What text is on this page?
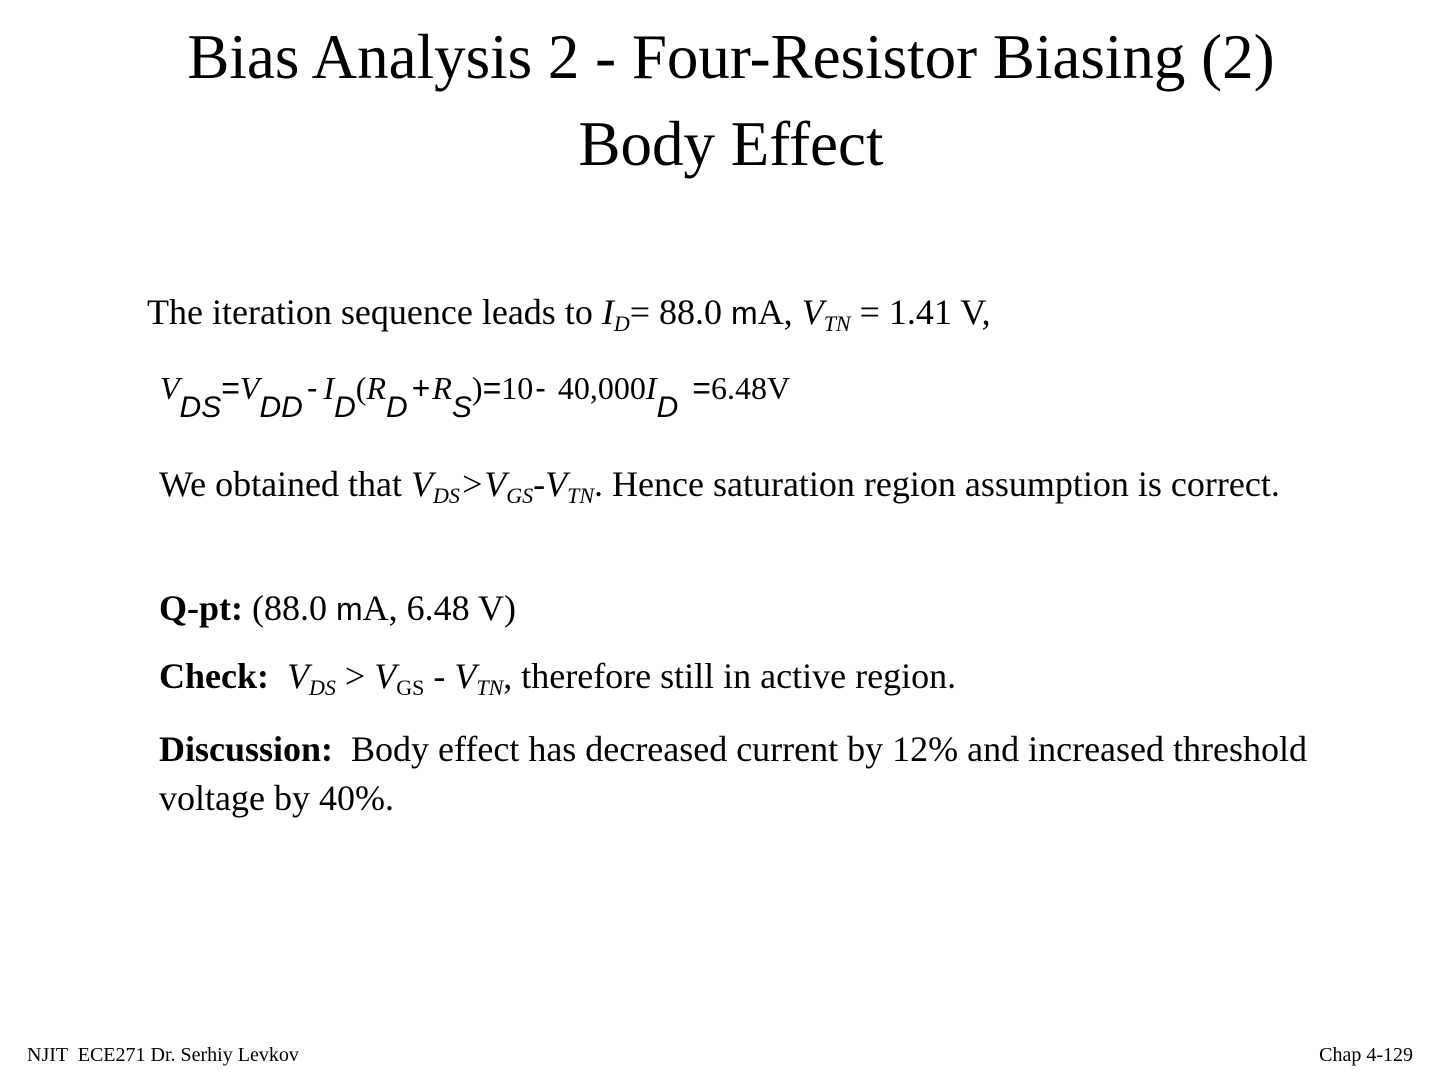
Bias Analysis 2 - Four-Resistor Biasing (2)
Body Effect
The iteration sequence leads to $I_D= 88.0$ mA, $V_{TN} = 1.41$ V,
VDS=VDD- ID(RD+RS)=10- 40,000ID=6.48V
We obtained that $V_{DS}>V_{GS}-V_{TN}$. Hence saturation region assumption is correct.
Q-pt: (88.0 mA, 6.48 V)
Check: $V_{DS} > V_{GS} - V_{TN}$, therefore still in active region.
Discussion:  Body effect has decreased current by 12% and increased threshold voltage by 40%.
NJIT  ECE271 Dr. Serhiy Levkov	Chap 4-129
